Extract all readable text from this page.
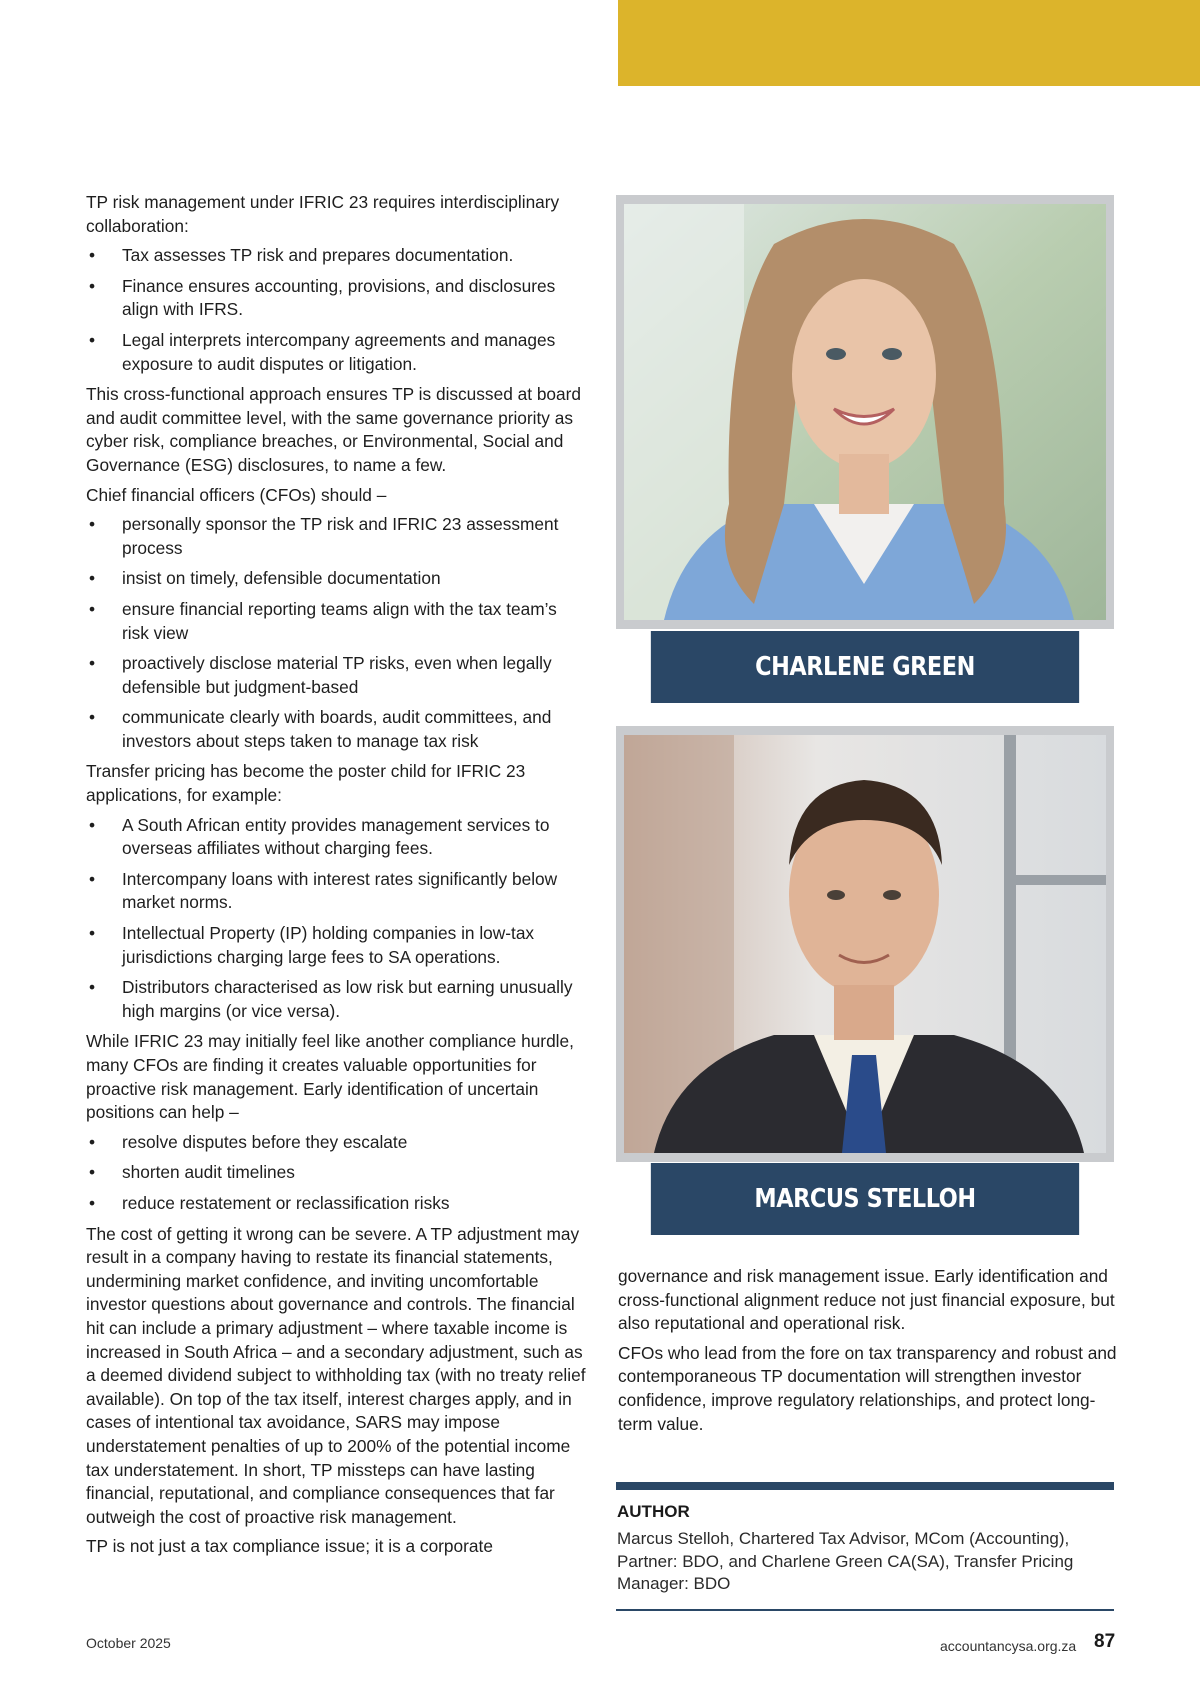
TP risk management under IFRIC 23 requires interdisciplinary collaboration:

• Tax assesses TP risk and prepares documentation.
• Finance ensures accounting, provisions, and disclosures align with IFRS.
• Legal interprets intercompany agreements and manages exposure to audit disputes or litigation.

This cross-functional approach ensures TP is discussed at board and audit committee level, with the same governance priority as cyber risk, compliance breaches, or Environmental, Social and Governance (ESG) disclosures, to name a few.

Chief financial officers (CFOs) should –

• personally sponsor the TP risk and IFRIC 23 assessment process
• insist on timely, defensible documentation
• ensure financial reporting teams align with the tax team’s risk view
• proactively disclose material TP risks, even when legally defensible but judgment-based
• communicate clearly with boards, audit committees, and investors about steps taken to manage tax risk

Transfer pricing has become the poster child for IFRIC 23 applications, for example:

• A South African entity provides management services to overseas affiliates without charging fees.
• Intercompany loans with interest rates significantly below market norms.
• Intellectual Property (IP) holding companies in low-tax jurisdictions charging large fees to SA operations.
• Distributors characterised as low risk but earning unusually high margins (or vice versa).

While IFRIC 23 may initially feel like another compliance hurdle, many CFOs are finding it creates valuable opportunities for proactive risk management. Early identification of uncertain positions can help –

• resolve disputes before they escalate
• shorten audit timelines
• reduce restatement or reclassification risks

The cost of getting it wrong can be severe. A TP adjustment may result in a company having to restate its financial statements, undermining market confidence, and inviting uncomfortable investor questions about governance and controls. The financial hit can include a primary adjustment – where taxable income is increased in South Africa – and a secondary adjustment, such as a deemed dividend subject to withholding tax (with no treaty relief available). On top of the tax itself, interest charges apply, and in cases of intentional tax avoidance, SARS may impose understatement penalties of up to 200% of the potential income tax understatement. In short, TP missteps can have lasting financial, reputational, and compliance consequences that far outweigh the cost of proactive risk management.

TP is not just a tax compliance issue; it is a corporate

CHARLENE GREEN
MARCUS STELLOH

governance and risk management issue. Early identification and cross-functional alignment reduce not just financial exposure, but also reputational and operational risk.

CFOs who lead from the fore on tax transparency and robust and contemporaneous TP documentation will strengthen investor confidence, improve regulatory relationships, and protect long-term value.

AUTHOR
Marcus Stelloh, Chartered Tax Advisor, MCom (Accounting), Partner: BDO, and Charlene Green CA(SA), Transfer Pricing Manager: BDO
October 2025	accountancysa.org.za 87
